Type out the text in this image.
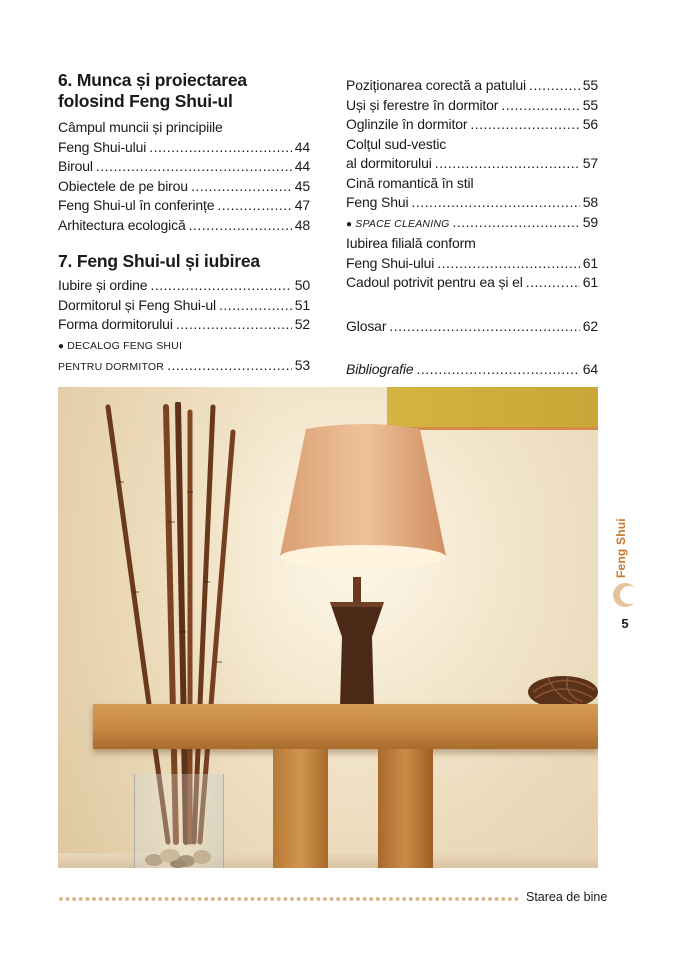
6. Munca și proiectarea

folosind Feng Shui-ul

Câmpul muncii și principiile
Feng Shui-ului .....	44
Biroul .....	44
Obiectele de pe birou .....	45
Feng Shui-ul în conferințe .....	47
Arhitectura ecologică .....	48

7. Feng Shui-ul și iubirea

Iubire și ordine .....	50
Dormitorul și Feng Shui-ul .....	51
Forma dormitorului .....	52
● DECALOG FENG SHUI
PENTRU DORMITOR .....	53
Poziționarea corectă a patului .....	55
Uși și ferestre în dormitor .....	55
Oglinzile în dormitor .....	56
Colțul sud-vestic
al dormitorului .....	57
Cină romantică în stil
Feng Shui .....	58
● SPACE CLEANING .....	59
Iubirea filială conform
Feng Shui-ului .....	61
Cadoul potrivit pentru ea și el .....	61
Glosar .....	62
Bibliografie .....	64
Feng Shui
5
Starea de bine
